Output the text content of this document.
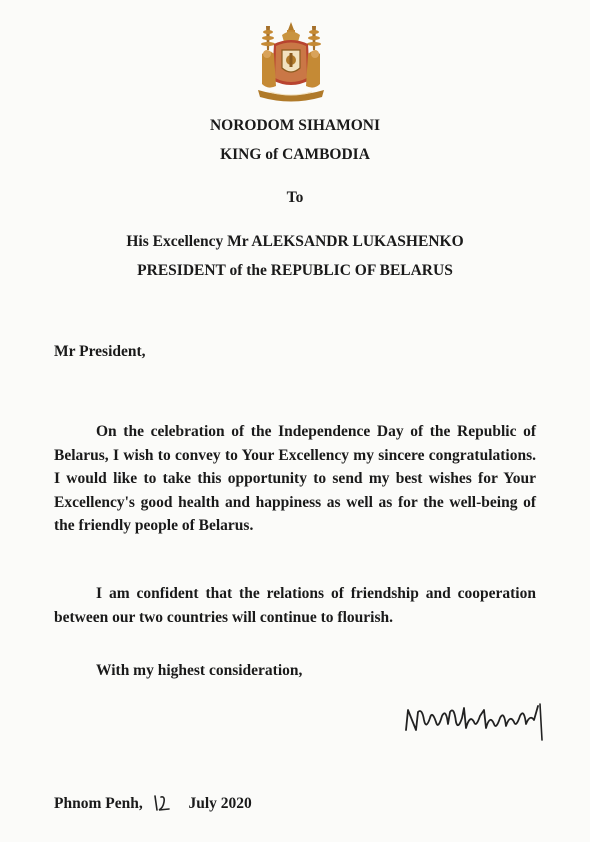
NORODOM SIHAMONI
KING of CAMBODIA
To
His Excellency Mr ALEKSANDR LUKASHENKO
PRESIDENT of the REPUBLIC OF BELARUS
Mr President,
On the celebration of the Independence Day of the Republic of Belarus, I wish to convey to Your Excellency my sincere congratulations. I would like to take this opportunity to send my best wishes for Your Excellency's good health and happiness as well as for the well-being of the friendly people of Belarus.
I am confident that the relations of friendship and cooperation between our two countries will continue to flourish.
With my highest consideration,
Phnom Penh,	July 2020
